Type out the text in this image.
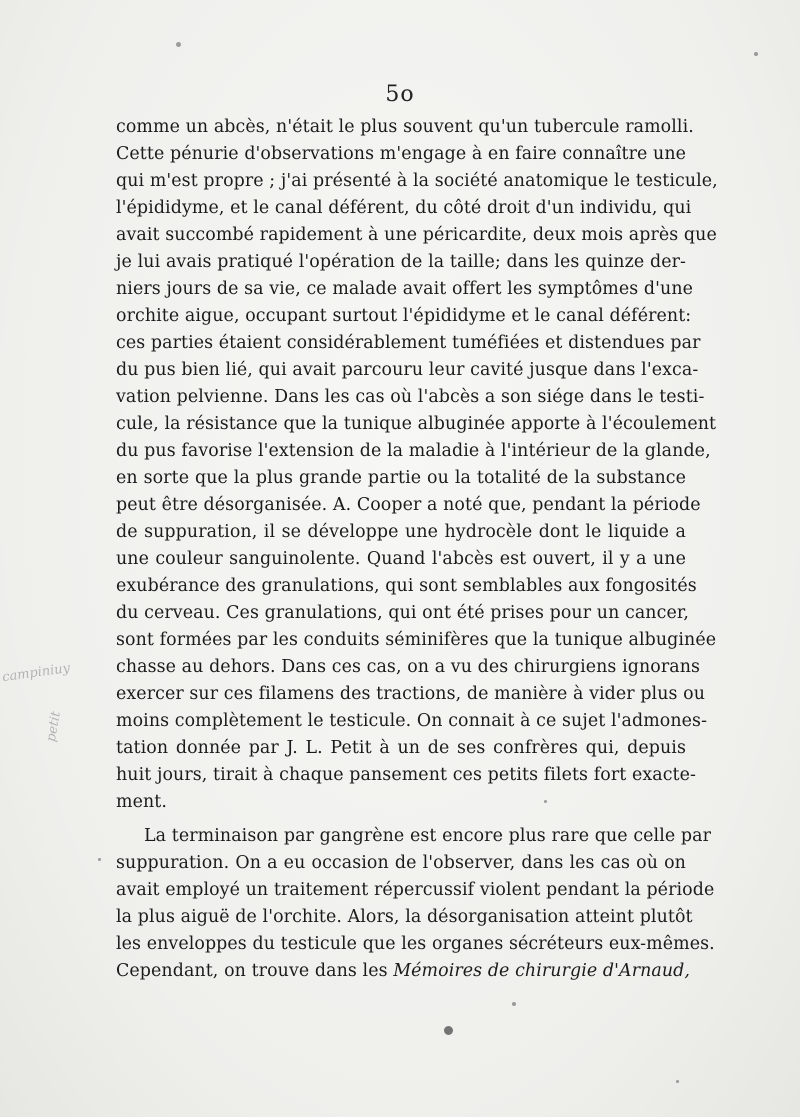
5o
campiniuy
petit
comme un abcès, n'était le plus souvent qu'un tubercule ramolli.
Cette pénurie d'observations m'engage à en faire connaître une
qui m'est propre ; j'ai présenté à la société anatomique le testicule,
l'épididyme, et le canal déférent, du côté droit d'un individu, qui
avait succombé rapidement à une péricardite, deux mois après que
je lui avais pratiqué l'opération de la taille; dans les quinze der-
niers jours de sa vie, ce malade avait offert les symptômes d'une
orchite aigue, occupant surtout l'épididyme et le canal déférent:
ces parties étaient considérablement tuméfiées et distendues par
du pus bien lié, qui avait parcouru leur cavité jusque dans l'exca-
vation pelvienne. Dans les cas où l'abcès a son siége dans le testi-
cule, la résistance que la tunique albuginée apporte à l'écoulement
du pus favorise l'extension de la maladie à l'intérieur de la glande,
en sorte que la plus grande partie ou la totalité de la substance
peut être désorganisée. A. Cooper a noté que, pendant la période
de suppuration, il se développe une hydrocèle dont le liquide a
une couleur sanguinolente. Quand l'abcès est ouvert, il y a une
exubérance des granulations, qui sont semblables aux fongosités
du cerveau. Ces granulations, qui ont été prises pour un cancer,
sont formées par les conduits séminifères que la tunique albuginée
chasse au dehors. Dans ces cas, on a vu des chirurgiens ignorans
exercer sur ces filamens des tractions, de manière à vider plus ou
moins complètement le testicule. On connait à ce sujet l'admones-
tation donnée par J. L. Petit à un de ses confrères qui, depuis
huit jours, tirait à chaque pansement ces petits filets fort exacte-
ment.
La terminaison par gangrène est encore plus rare que celle par
suppuration. On a eu occasion de l'observer, dans les cas où on
avait employé un traitement répercussif violent pendant la période
la plus aiguë de l'orchite. Alors, la désorganisation atteint plutôt
les enveloppes du testicule que les organes sécréteurs eux-mêmes.
Cependant, on trouve dans les Mémoires de chirurgie d'Arnaud,
